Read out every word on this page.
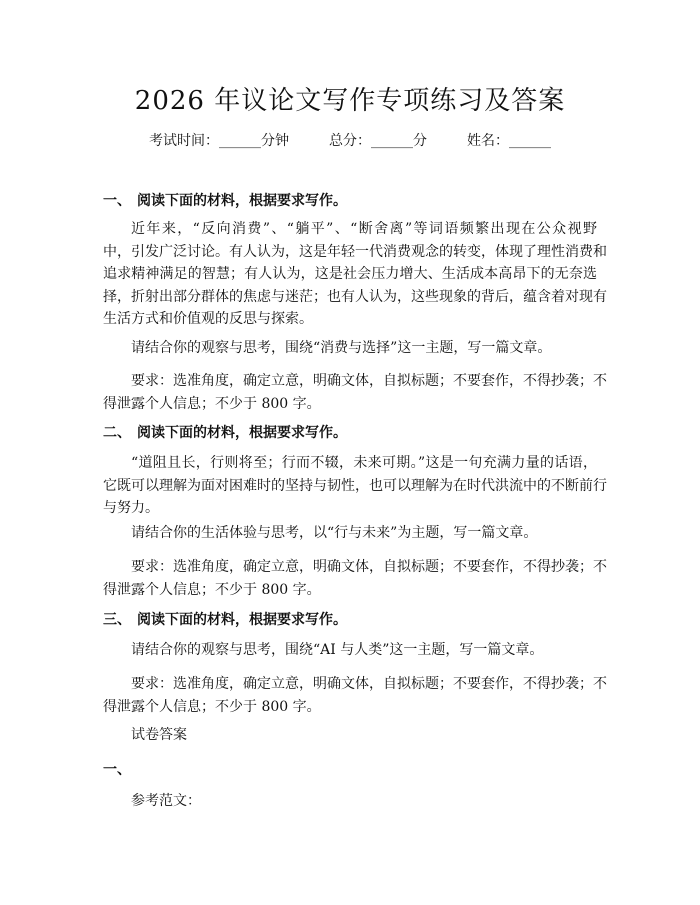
2026 年议论文写作专项练习及答案
考试时间：______分钟	总分：______分	姓名：______
一、 阅读下面的材料，根据要求写作。
近年来，“反向消费”、“躺平”、“断舍离”等词语频繁出现在公众视野
中，引发广泛讨论。有人认为，这是年轻一代消费观念的转变，体现了理性消费和
追求精神满足的智慧；有人认为，这是社会压力增大、生活成本高昂下的无奈选
择，折射出部分群体的焦虑与迷茫；也有人认为，这些现象的背后，蕴含着对现有
生活方式和价值观的反思与探索。
请结合你的观察与思考，围绕“消费与选择”这一主题，写一篇文章。
要求：选准角度，确定立意，明确文体，自拟标题；不要套作，不得抄袭；不
得泄露个人信息；不少于 800 字。
二、 阅读下面的材料，根据要求写作。
“道阻且长，行则将至；行而不辍，未来可期。”这是一句充满力量的话语，
它既可以理解为面对困难时的坚持与韧性，也可以理解为在时代洪流中的不断前行
与努力。
请结合你的生活体验与思考，以“行与未来”为主题，写一篇文章。
要求：选准角度，确定立意，明确文体，自拟标题；不要套作，不得抄袭；不
得泄露个人信息；不少于 800 字。
三、 阅读下面的材料，根据要求写作。
请结合你的观察与思考，围绕“AI 与人类”这一主题，写一篇文章。
要求：选准角度，确定立意，明确文体，自拟标题；不要套作，不得抄袭；不
得泄露个人信息；不少于 800 字。
试卷答案
一、
参考范文：
